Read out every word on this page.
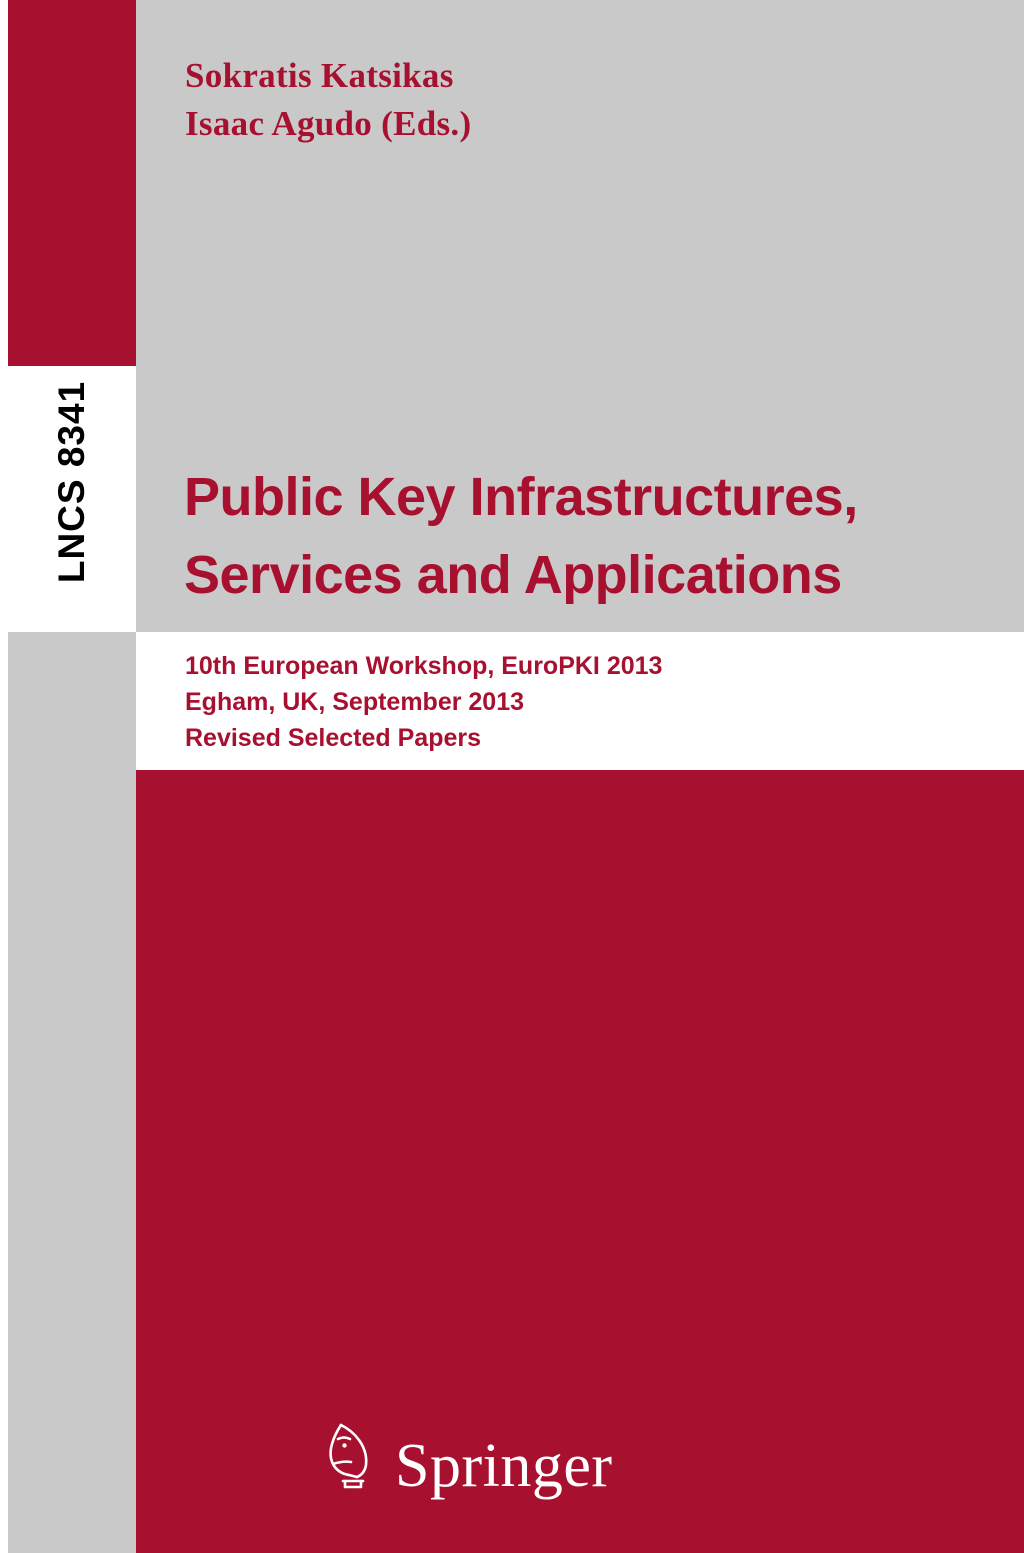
Sokratis Katsikas
Isaac Agudo (Eds.)
LNCS 8341 Public Key Infrastructures,
Services and Applications
10th European Workshop, EuroPKI 2013
Egham, UK, September 2013
Revised Selected Papers
Springer
